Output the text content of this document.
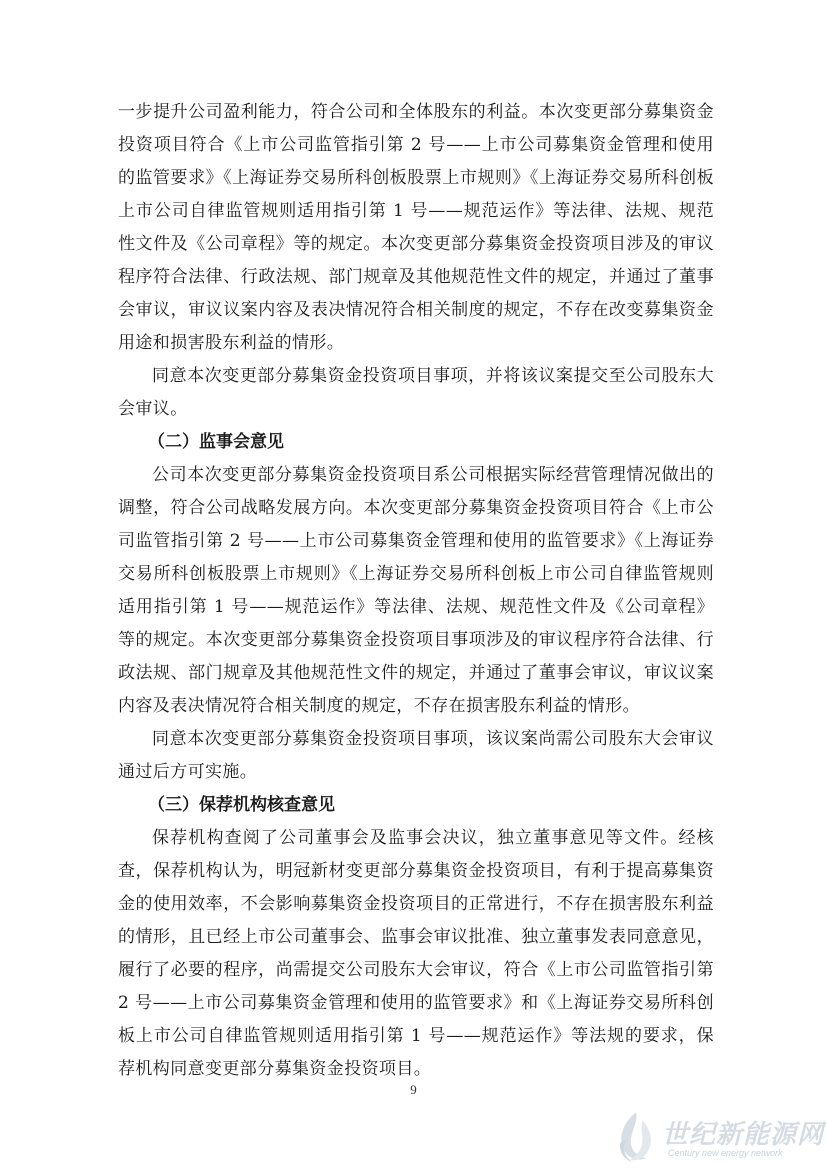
一步提升公司盈利能力，符合公司和全体股东的利益。本次变更部分募集资金投资项目符合《上市公司监管指引第 2 号——上市公司募集资金管理和使用的监管要求》《上海证券交易所科创板股票上市规则》《上海证券交易所科创板上市公司自律监管规则适用指引第 1 号——规范运作》等法律、法规、规范性文件及《公司章程》等的规定。本次变更部分募集资金投资项目涉及的审议程序符合法律、行政法规、部门规章及其他规范性文件的规定，并通过了董事会审议，审议议案内容及表决情况符合相关制度的规定，不存在改变募集资金用途和损害股东利益的情形。

同意本次变更部分募集资金投资项目事项，并将该议案提交至公司股东大会审议。

（二）监事会意见

公司本次变更部分募集资金投资项目系公司根据实际经营管理情况做出的调整，符合公司战略发展方向。本次变更部分募集资金投资项目符合《上市公司监管指引第 2 号——上市公司募集资金管理和使用的监管要求》《上海证券交易所科创板股票上市规则》《上海证券交易所科创板上市公司自律监管规则适用指引第 1 号——规范运作》等法律、法规、规范性文件及《公司章程》等的规定。本次变更部分募集资金投资项目事项涉及的审议程序符合法律、行政法规、部门规章及其他规范性文件的规定，并通过了董事会审议，审议议案内容及表决情况符合相关制度的规定，不存在损害股东利益的情形。

同意本次变更部分募集资金投资项目事项，该议案尚需公司股东大会审议通过后方可实施。

（三）保荐机构核查意见

保荐机构查阅了公司董事会及监事会决议，独立董事意见等文件。经核查，保荐机构认为，明冠新材变更部分募集资金投资项目，有利于提高募集资金的使用效率，不会影响募集资金投资项目的正常进行，不存在损害股东利益的情形，且已经上市公司董事会、监事会审议批准、独立董事发表同意意见，履行了必要的程序，尚需提交公司股东大会审议，符合《上市公司监管指引第 2 号——上市公司募集资金管理和使用的监管要求》和《上海证券交易所科创板上市公司自律监管规则适用指引第 1 号——规范运作》等法规的要求，保荐机构同意变更部分募集资金投资项目。

9
世纪新能源网
Century new energy network
